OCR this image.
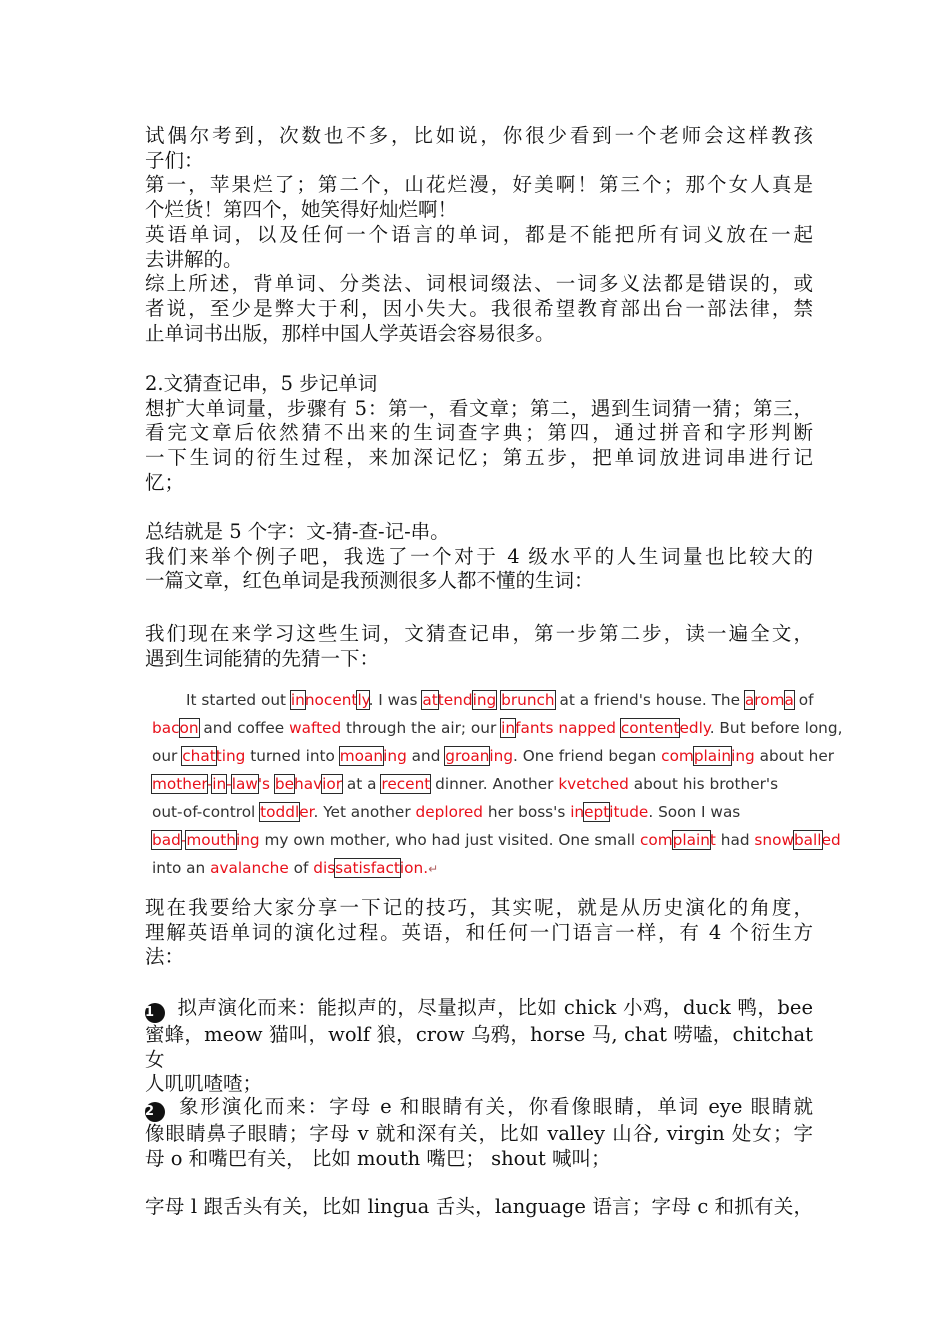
试偶尔考到，次数也不多，比如说，你很少看到一个老师会这样教孩
子们：
第一，苹果烂了；第二个，山花烂漫，好美啊！第三个；那个女人真是
个烂货！第四个，她笑得好灿烂啊！
英语单词，以及任何一个语言的单词，都是不能把所有词义放在一起
去讲解的。
综上所述，背单词、分类法、词根词缀法、一词多义法都是错误的，或
者说，至少是弊大于利，因小失大。我很希望教育部出台一部法律，禁
止单词书出版，那样中国人学英语会容易很多。
2.文猜查记串，5 步记单词
想扩大单词量，步骤有 5：第一，看文章；第二，遇到生词猜一猜；第三，
看完文章后依然猜不出来的生词查字典；第四，通过拼音和字形判断
一下生词的衍生过程，来加深记忆；第五步，把单词放进词串进行记
忆；
总结就是 5 个字：文-猜-查-记-串。
我们来举个例子吧，我选了一个对于 4 级水平的人生词量也比较大的
一篇文章，红色单词是我预测很多人都不懂的生词：
我们现在来学习这些生词，文猜查记串，第一步第二步，读一遍全文，
遇到生词能猜的先猜一下：
It started out innocently. I was attending brunch at a friend's house. The aroma of
bacon and coffee wafted through the air; our infants napped contentedly. But before long,
our chatting turned into moaning and groaning. One friend began complaining about her
mother-in-law's behavior at a recent dinner. Another kvetched about his brother's
out-of-control toddler. Yet another deplored her boss's ineptitude. Soon I was
bad-mouthing my own mother, who had just visited. One small complaint had snowballed
into an avalanche of dissatisfaction.↵
现在我要给大家分享一下记的技巧，其实呢，就是从历史演化的角度，
理解英语单词的演化过程。英语，和任何一门语言一样，有 4 个衍生方
法：
1 拟声演化而来：能拟声的，尽量拟声，比如 chick 小鸡，duck 鸭，bee
蜜蜂，meow 猫叫，wolf 狼，crow 乌鸦，horse 马, chat 唠嗑，chitchat 女
人叽叽喳喳；
2 象形演化而来：字母 e 和眼睛有关，你看像眼睛，单词 eye 眼睛就
像眼睛鼻子眼睛；字母 v 就和深有关，比如 valley 山谷, virgin 处女；字
母 o 和嘴巴有关， 比如 mouth 嘴巴； shout 喊叫；
字母 l 跟舌头有关，比如 lingua 舌头，language 语言；字母 c 和抓有关，
